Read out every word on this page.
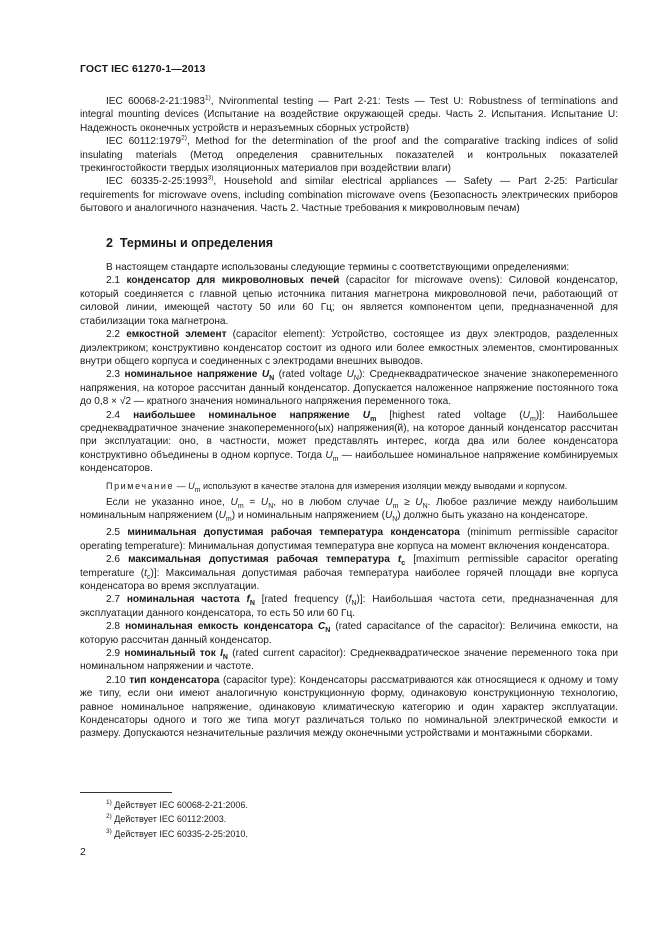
ГОСТ IEC 61270-1—2013

IEC 60068-2-21:1983$^{1)}$, Nvironmental testing — Part 2-21: Tests — Test U: Robustness of terminations and integral mounting devices (Испытание на воздействие окружающей среды. Часть 2. Испытания. Испытание U: Надежность оконечных устройств и неразъемных сборных устройств)

IEC 60112:1979$^{2)}$, Method for the determination of the proof and the comparative tracking indices of solid insulating materials (Метод определения сравнительных показателей и контрольных показателей трекингостойкости твердых изоляционных материалов при воздействии влаги)

IEC 60335-2-25:1993$^{3)}$, Household and similar electrical appliances — Safety — Part 2-25: Particular requirements for microwave ovens, including combination microwave ovens (Безопасность электрических приборов бытового и аналогичного назначения. Часть 2. Частные требования к микроволновым печам)

2 Термины и определения

В настоящем стандарте использованы следующие термины с соответствующими определениями:

2.1 конденсатор для микроволновых печей (capacitor for microwave ovens): Силовой конденсатор, который соединяется с главной цепью источника питания магнетрона микроволновой печи, работающий от силовой линии, имеющей частоту 50 или 60 Гц; он является компонентом цепи, предназначенной для стабилизации тока магнетрона.

2.2 емкостной элемент (capacitor element): Устройство, состоящее из двух электродов, разделенных диэлектриком; конструктивно конденсатор состоит из одного или более емкостных элементов, смонтированных внутри общего корпуса и соединенных с электродами внешних выводов.

2.3 номинальное напряжение $U_N$ (rated voltage $U_N$): Среднеквадратическое значение знакопеременного напряжения, на которое рассчитан данный конденсатор. Допускается наложенное напряжение постоянного тока до 0,8 × √2 — кратного значения номинального напряжения переменного тока.

2.4 наибольшее номинальное напряжение $U_m$ [highest rated voltage $(U_m)$]: Наибольшее среднеквадратичное значение знакопеременного(ых) напряжения(й), на которое данный конденсатор рассчитан при эксплуатации: оно, в частности, может представлять интерес, когда два или более конденсатора конструктивно объединены в одном корпусе. Тогда $U_m$ — наибольшее номинальное напряжение комбинируемых конденсаторов.

Примечание — $U_m$ используют в качестве эталона для измерения изоляции между выводами и корпусом.

Если не указанно иное, $U_m = U_N$, но в любом случае $U_m \ge U_N$. Любое различие между наибольшим номинальным напряжением $(U_m)$ и номинальным напряжением $(U_N)$ должно быть указано на конденсаторе.

2.5 минимальная допустимая рабочая температура конденсатора (minimum permissible capacitor operating temperature): Минимальная допустимая температура вне корпуса на момент включения конденсатора.

2.6 максимальная допустимая рабочая температура $t_c$ [maximum permissible capacitor operating temperature $(t_c)$]: Максимальная допустимая рабочая температура наиболее горячей площади вне корпуса конденсатора во время эксплуатации.

2.7 номинальная частота $f_N$ [rated frequency $(f_N)$]: Наибольшая частота сети, предназначенная для эксплуатации данного конденсатора, то есть 50 или 60 Гц.

2.8 номинальная емкость конденсатора $C_N$ (rated capacitance of the capacitor): Величина емкости, на которую рассчитан данный конденсатор.

2.9 номинальный ток $I_N$ (rated current capacitor): Среднеквадратическое значение переменного тока при номинальном напряжении и частоте.

2.10 тип конденсатора (capacitor type): Конденсаторы рассматриваются как относящиеся к одному и тому же типу, если они имеют аналогичную конструкционную форму, одинаковую конструкционную технологию, равное номинальное напряжение, одинаковую климатическую категорию и один характер эксплуатации. Конденсаторы одного и того же типа могут различаться только по номинальной электрической емкости и размеру. Допускаются незначительные различия между оконечными устройствами и монтажными сборками.

$^{1)}$ Действует IEC 60068-2-21:2006.
$^{2)}$ Действует IEC 60112:2003.
$^{3)}$ Действует IEC 60335-2-25:2010.
2
